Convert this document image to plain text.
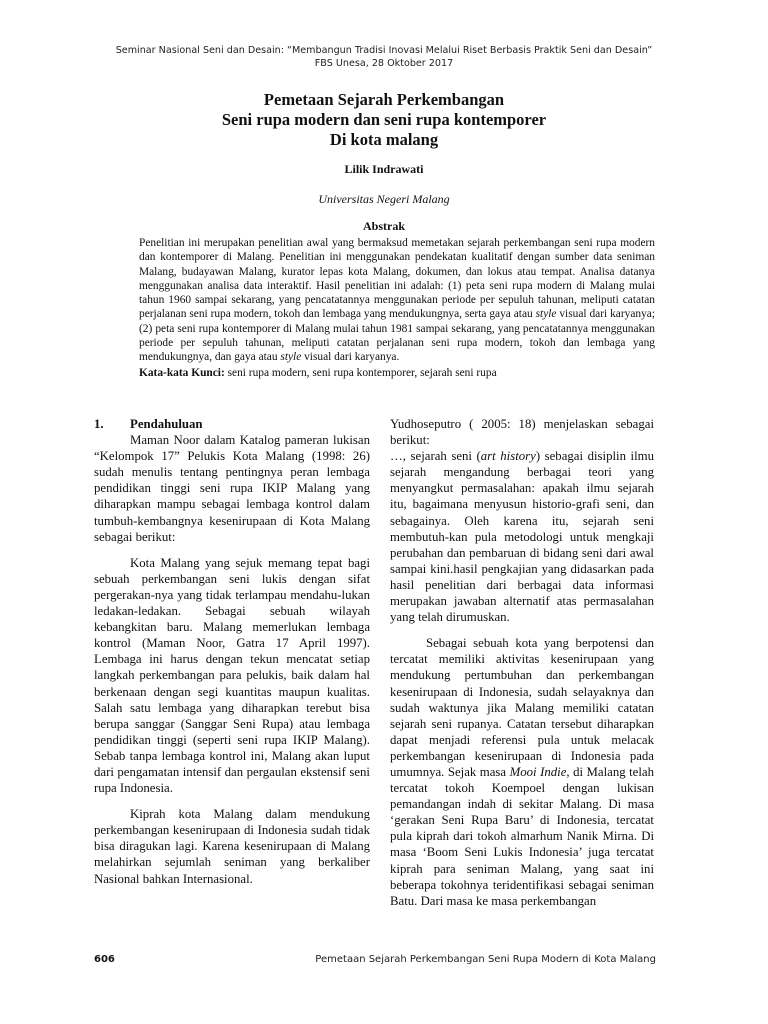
Seminar Nasional Seni dan Desain: “Membangun Tradisi Inovasi Melalui Riset Berbasis Praktik Seni dan Desain”
FBS Unesa, 28 Oktober 2017
Pemetaan Sejarah Perkembangan
Seni rupa modern dan seni rupa kontemporer
Di kota malang
Lilik Indrawati
Universitas Negeri Malang
Abstrak

Penelitian ini merupakan penelitian awal yang bermaksud memetakan sejarah perkembangan seni rupa modern dan kontemporer di Malang. Penelitian ini menggunakan pendekatan kualitatif dengan sumber data seniman Malang, budayawan Malang, kurator lepas kota Malang, dokumen, dan lokus atau tempat. Analisa datanya menggunakan analisa data interaktif. Hasil penelitian ini adalah: (1) peta seni rupa modern di Malang mulai tahun 1960 sampai sekarang, yang pencatatannya menggunakan periode per sepuluh tahunan, meliputi catatan perjalanan seni rupa modern, tokoh dan lembaga yang mendukungnya, serta gaya atau style visual dari karyanya; (2) peta seni rupa kontemporer di Malang mulai tahun 1981 sampai sekarang, yang pencatatannya menggunakan periode per sepuluh tahunan, meliputi catatan perjalanan seni rupa modern, tokoh dan lembaga yang mendukungnya, dan gaya atau style visual dari karyanya.

Kata-kata Kunci: seni rupa modern, seni rupa kontemporer, sejarah seni rupa

1.	Pendahuluan

Maman Noor dalam Katalog pameran lukisan “Kelompok 17” Pelukis Kota Malang (1998: 26) sudah menulis tentang pentingnya peran lembaga pendidikan tinggi seni rupa IKIP Malang yang diharapkan mampu sebagai lembaga kontrol dalam tumbuh-kembangnya kesenirupaan di Kota Malang sebagai berikut:

Kota Malang yang sejuk memang tepat bagi sebuah perkembangan seni lukis dengan sifat pergerakan-nya yang tidak terlampau mendahu-lukan ledakan-ledakan. Sebagai sebuah wilayah kebangkitan baru. Malang memerlukan lembaga kontrol (Maman Noor, Gatra 17 April 1997). Lembaga ini harus dengan tekun mencatat setiap langkah perkembangan para pelukis, baik dalam hal berkenaan dengan segi kuantitas maupun kualitas. Salah satu lembaga yang diharapkan terebut bisa berupa sanggar (Sanggar Seni Rupa) atau lembaga pendidikan tinggi (seperti seni rupa IKIP Malang). Sebab tanpa lembaga kontrol ini, Malang akan luput dari pengamatan intensif dan pergaulan ekstensif seni rupa Indonesia.

Kiprah kota Malang dalam mendukung perkembangan kesenirupaan di Indonesia sudah tidak bisa diragukan lagi. Karena kesenirupaan di Malang melahirkan sejumlah seniman yang berkaliber Nasional bahkan Internasional.

Yudhoseputro ( 2005: 18) menjelaskan sebagai berikut:

…, sejarah seni (art history) sebagai disiplin ilmu sejarah mengandung berbagai teori yang menyangkut permasalahan: apakah ilmu sejarah itu, bagaimana menyusun historio-grafi seni, dan sebagainya. Oleh karena itu, sejarah seni membutuh-kan pula metodologi untuk mengkaji perubahan dan pembaruan di bidang seni dari awal sampai kini.hasil pengkajian yang didasarkan pada hasil penelitian dari berbagai data informasi merupakan jawaban alternatif atas permasalahan yang telah dirumuskan.

Sebagai sebuah kota yang berpotensi dan tercatat memiliki aktivitas kesenirupaan yang mendukung pertumbuhan dan perkembangan kesenirupaan di Indonesia, sudah selayaknya dan sudah waktunya jika Malang memiliki catatan sejarah seni rupanya. Catatan tersebut diharapkan dapat menjadi referensi pula untuk melacak perkembangan kesenirupaan di Indonesia pada umumnya. Sejak masa Mooi Indie, di Malang telah tercatat tokoh Koempoel dengan lukisan pemandangan indah di sekitar Malang. Di masa ‘gerakan Seni Rupa Baru’ di Indonesia, tercatat pula kiprah dari tokoh almarhum Nanik Mirna. Di masa ‘Boom Seni Lukis Indonesia’ juga tercatat kiprah para seniman Malang, yang saat ini beberapa tokohnya teridentifikasi sebagai seniman Batu. Dari masa ke masa perkembangan

606	Pemetaan Sejarah Perkembangan Seni Rupa Modern di Kota Malang
